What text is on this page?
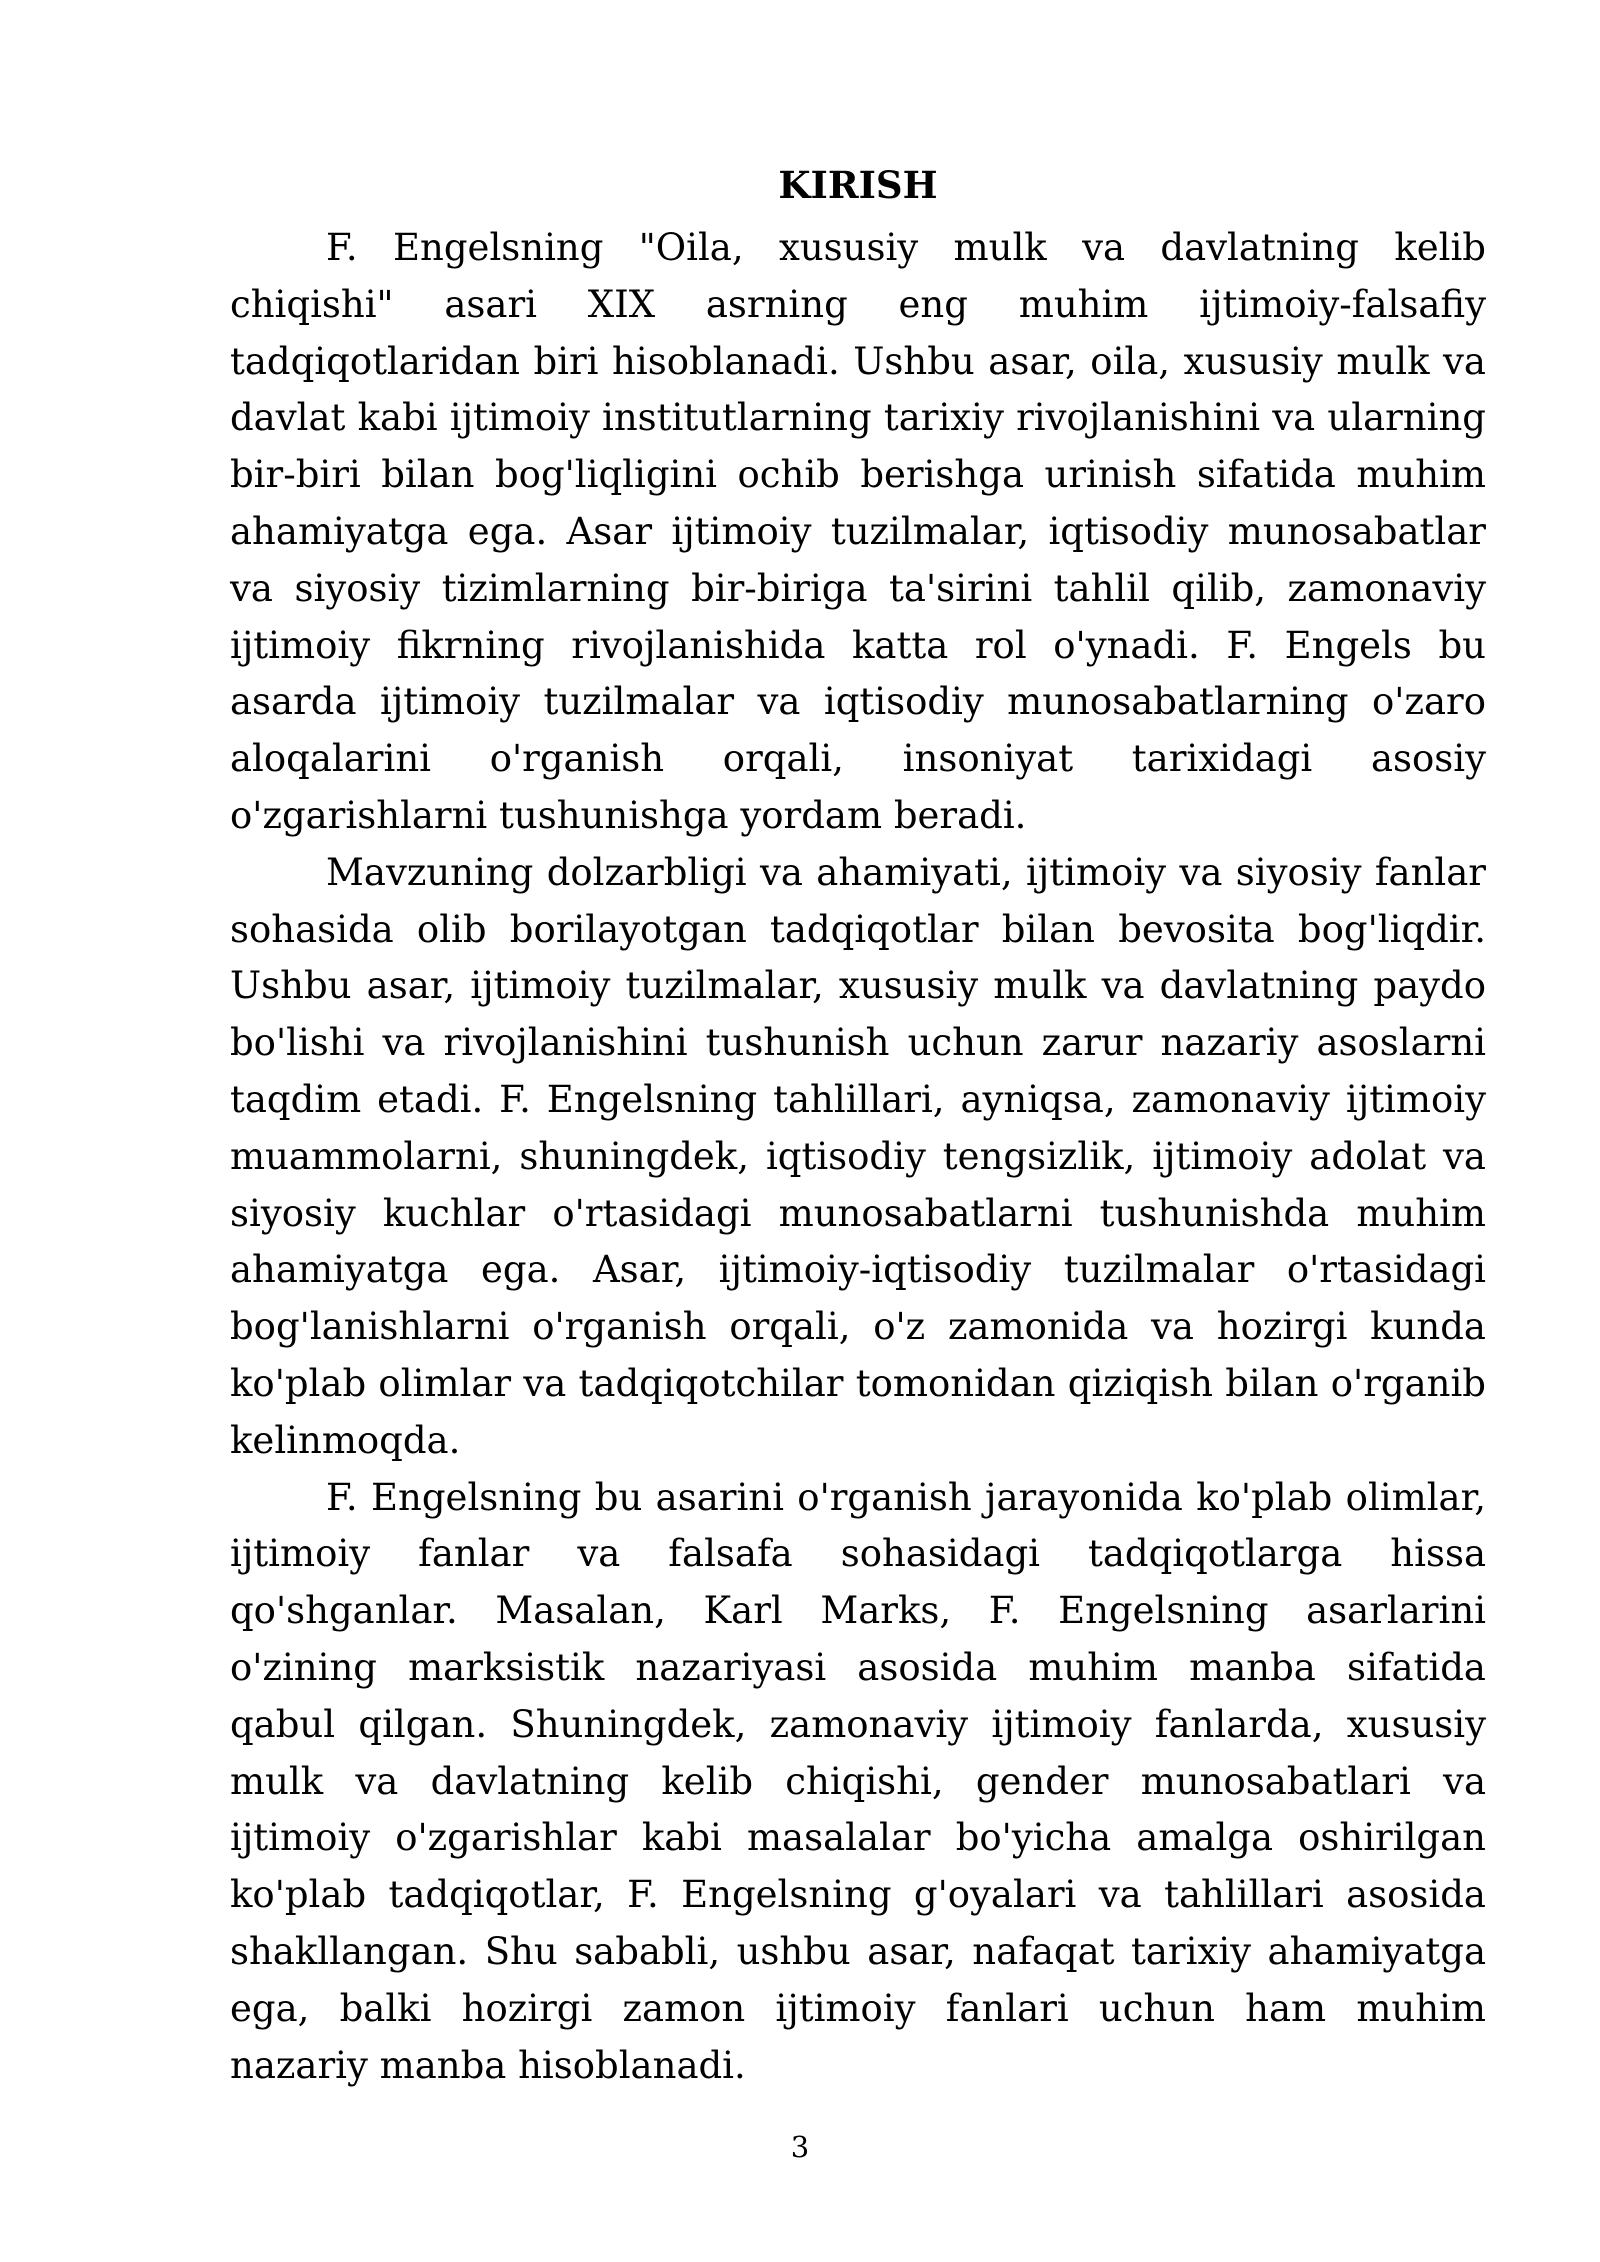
KIRISH

F. Engelsning "Oila, xususiy mulk va davlatning kelib chiqishi" asari XIX asrning eng muhim ijtimoiy-falsafiy tadqiqotlaridan biri hisoblanadi. Ushbu asar, oila, xususiy mulk va davlat kabi ijtimoiy institutlarning tarixiy rivojlanishini va ularning bir-biri bilan bog'liqligini ochib berishga urinish sifatida muhim ahamiyatga ega. Asar ijtimoiy tuzilmalar, iqtisodiy munosabatlar va siyosiy tizimlarning bir-biriga ta'sirini tahlil qilib, zamonaviy ijtimoiy fikrning rivojlanishida katta rol o'ynadi. F. Engels bu asarda ijtimoiy tuzilmalar va iqtisodiy munosabatlarning o'zaro aloqalarini o'rganish orqali, insoniyat tarixidagi asosiy o'zgarishlarni tushunishga yordam beradi.

Mavzuning dolzarbligi va ahamiyati, ijtimoiy va siyosiy fanlar sohasida olib borilayotgan tadqiqotlar bilan bevosita bog'liqdir. Ushbu asar, ijtimoiy tuzilmalar, xususiy mulk va davlatning paydo bo'lishi va rivojlanishini tushunish uchun zarur nazariy asoslarni taqdim etadi. F. Engelsning tahlillari, ayniqsa, zamonaviy ijtimoiy muammolarni, shuningdek, iqtisodiy tengsizlik, ijtimoiy adolat va siyosiy kuchlar o'rtasidagi munosabatlarni tushunishda muhim ahamiyatga ega. Asar, ijtimoiy-iqtisodiy tuzilmalar o'rtasidagi bog'lanishlarni o'rganish orqali, o'z zamonida va hozirgi kunda ko'plab olimlar va tadqiqotchilar tomonidan qiziqish bilan o'rganib kelinmoqda.

F. Engelsning bu asarini o'rganish jarayonida ko'plab olimlar, ijtimoiy fanlar va falsafa sohasidagi tadqiqotlarga hissa qo'shganlar. Masalan, Karl Marks, F. Engelsning asarlarini o'zining marksistik nazariyasi asosida muhim manba sifatida qabul qilgan. Shuningdek, zamonaviy ijtimoiy fanlarda, xususiy mulk va davlatning kelib chiqishi, gender munosabatlari va ijtimoiy o'zgarishlar kabi masalalar bo'yicha amalga oshirilgan ko'plab tadqiqotlar, F. Engelsning g'oyalari va tahlillari asosida shakllangan. Shu sababli, ushbu asar, nafaqat tarixiy ahamiyatga ega, balki hozirgi zamon ijtimoiy fanlari uchun ham muhim nazariy manba hisoblanadi.

3
